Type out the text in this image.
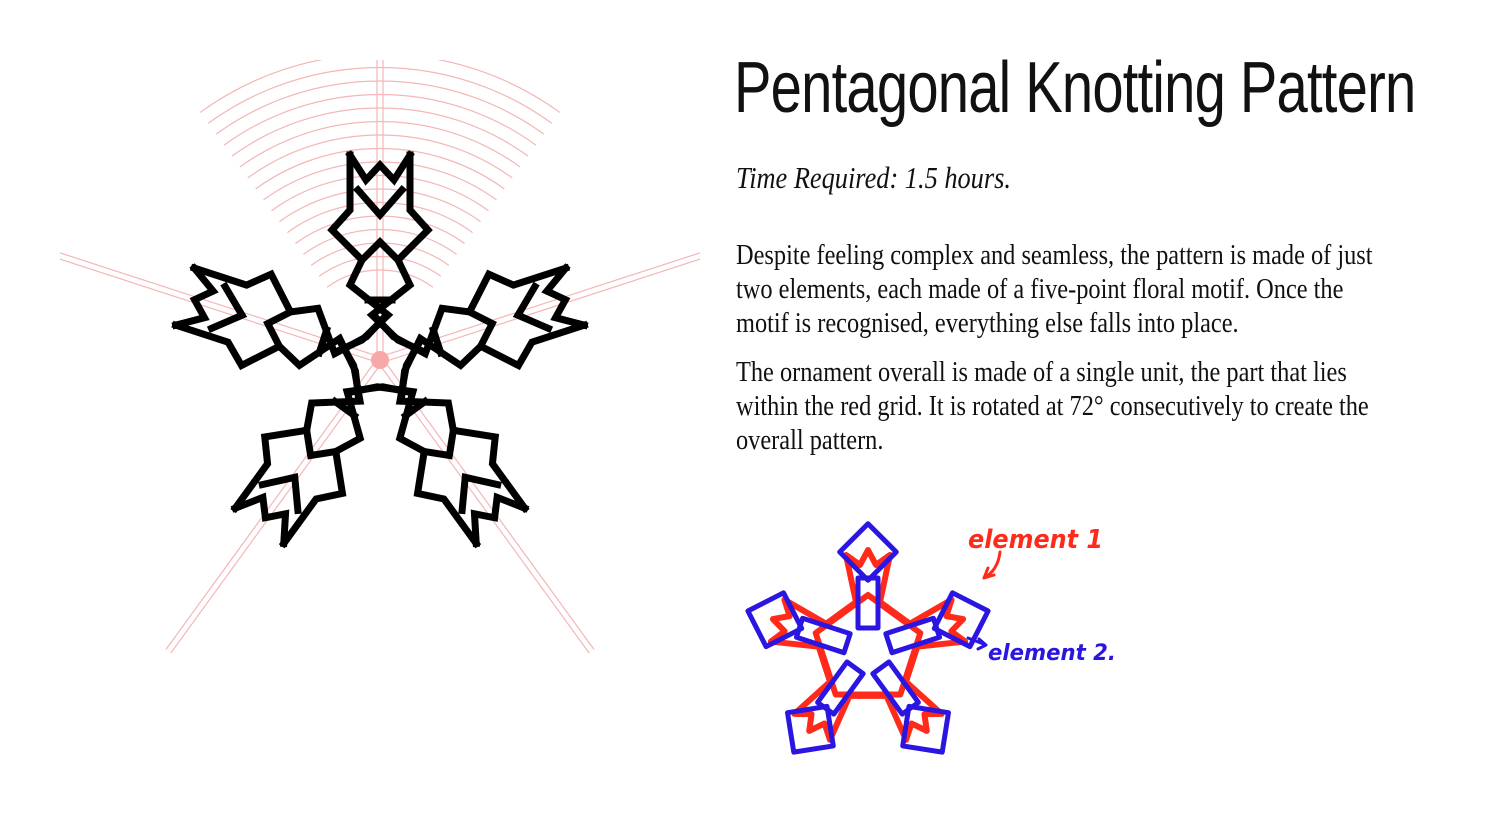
Pentagonal Knotting Pattern

Time Required: 1.5 hours.

Despite feeling complex and seamless, the pattern is made of just two elements, each made of a five-point floral motif. Once the motif is recognised, everything else falls into place.

The ornament overall is made of a single unit, the part that lies within the red grid. It is rotated at 72° consecutively to create the overall pattern.

element 1
element 2.
